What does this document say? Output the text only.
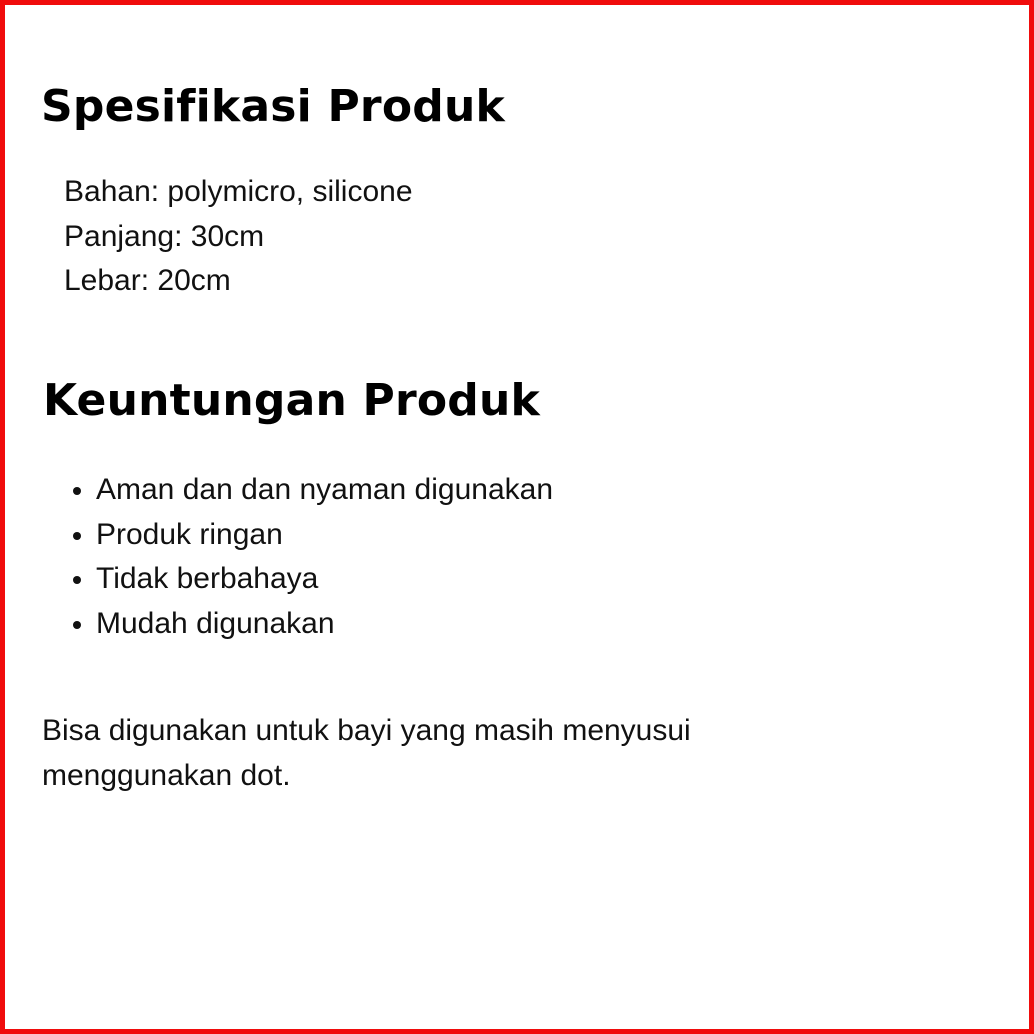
Spesifikasi Produk
Bahan: polymicro, silicone
Panjang: 30cm
Lebar: 20cm
Keuntungan Produk
Aman dan dan nyaman digunakan
Produk ringan
Tidak berbahaya
Mudah digunakan

Bisa digunakan untuk bayi yang masih menyusui
menggunakan dot.
